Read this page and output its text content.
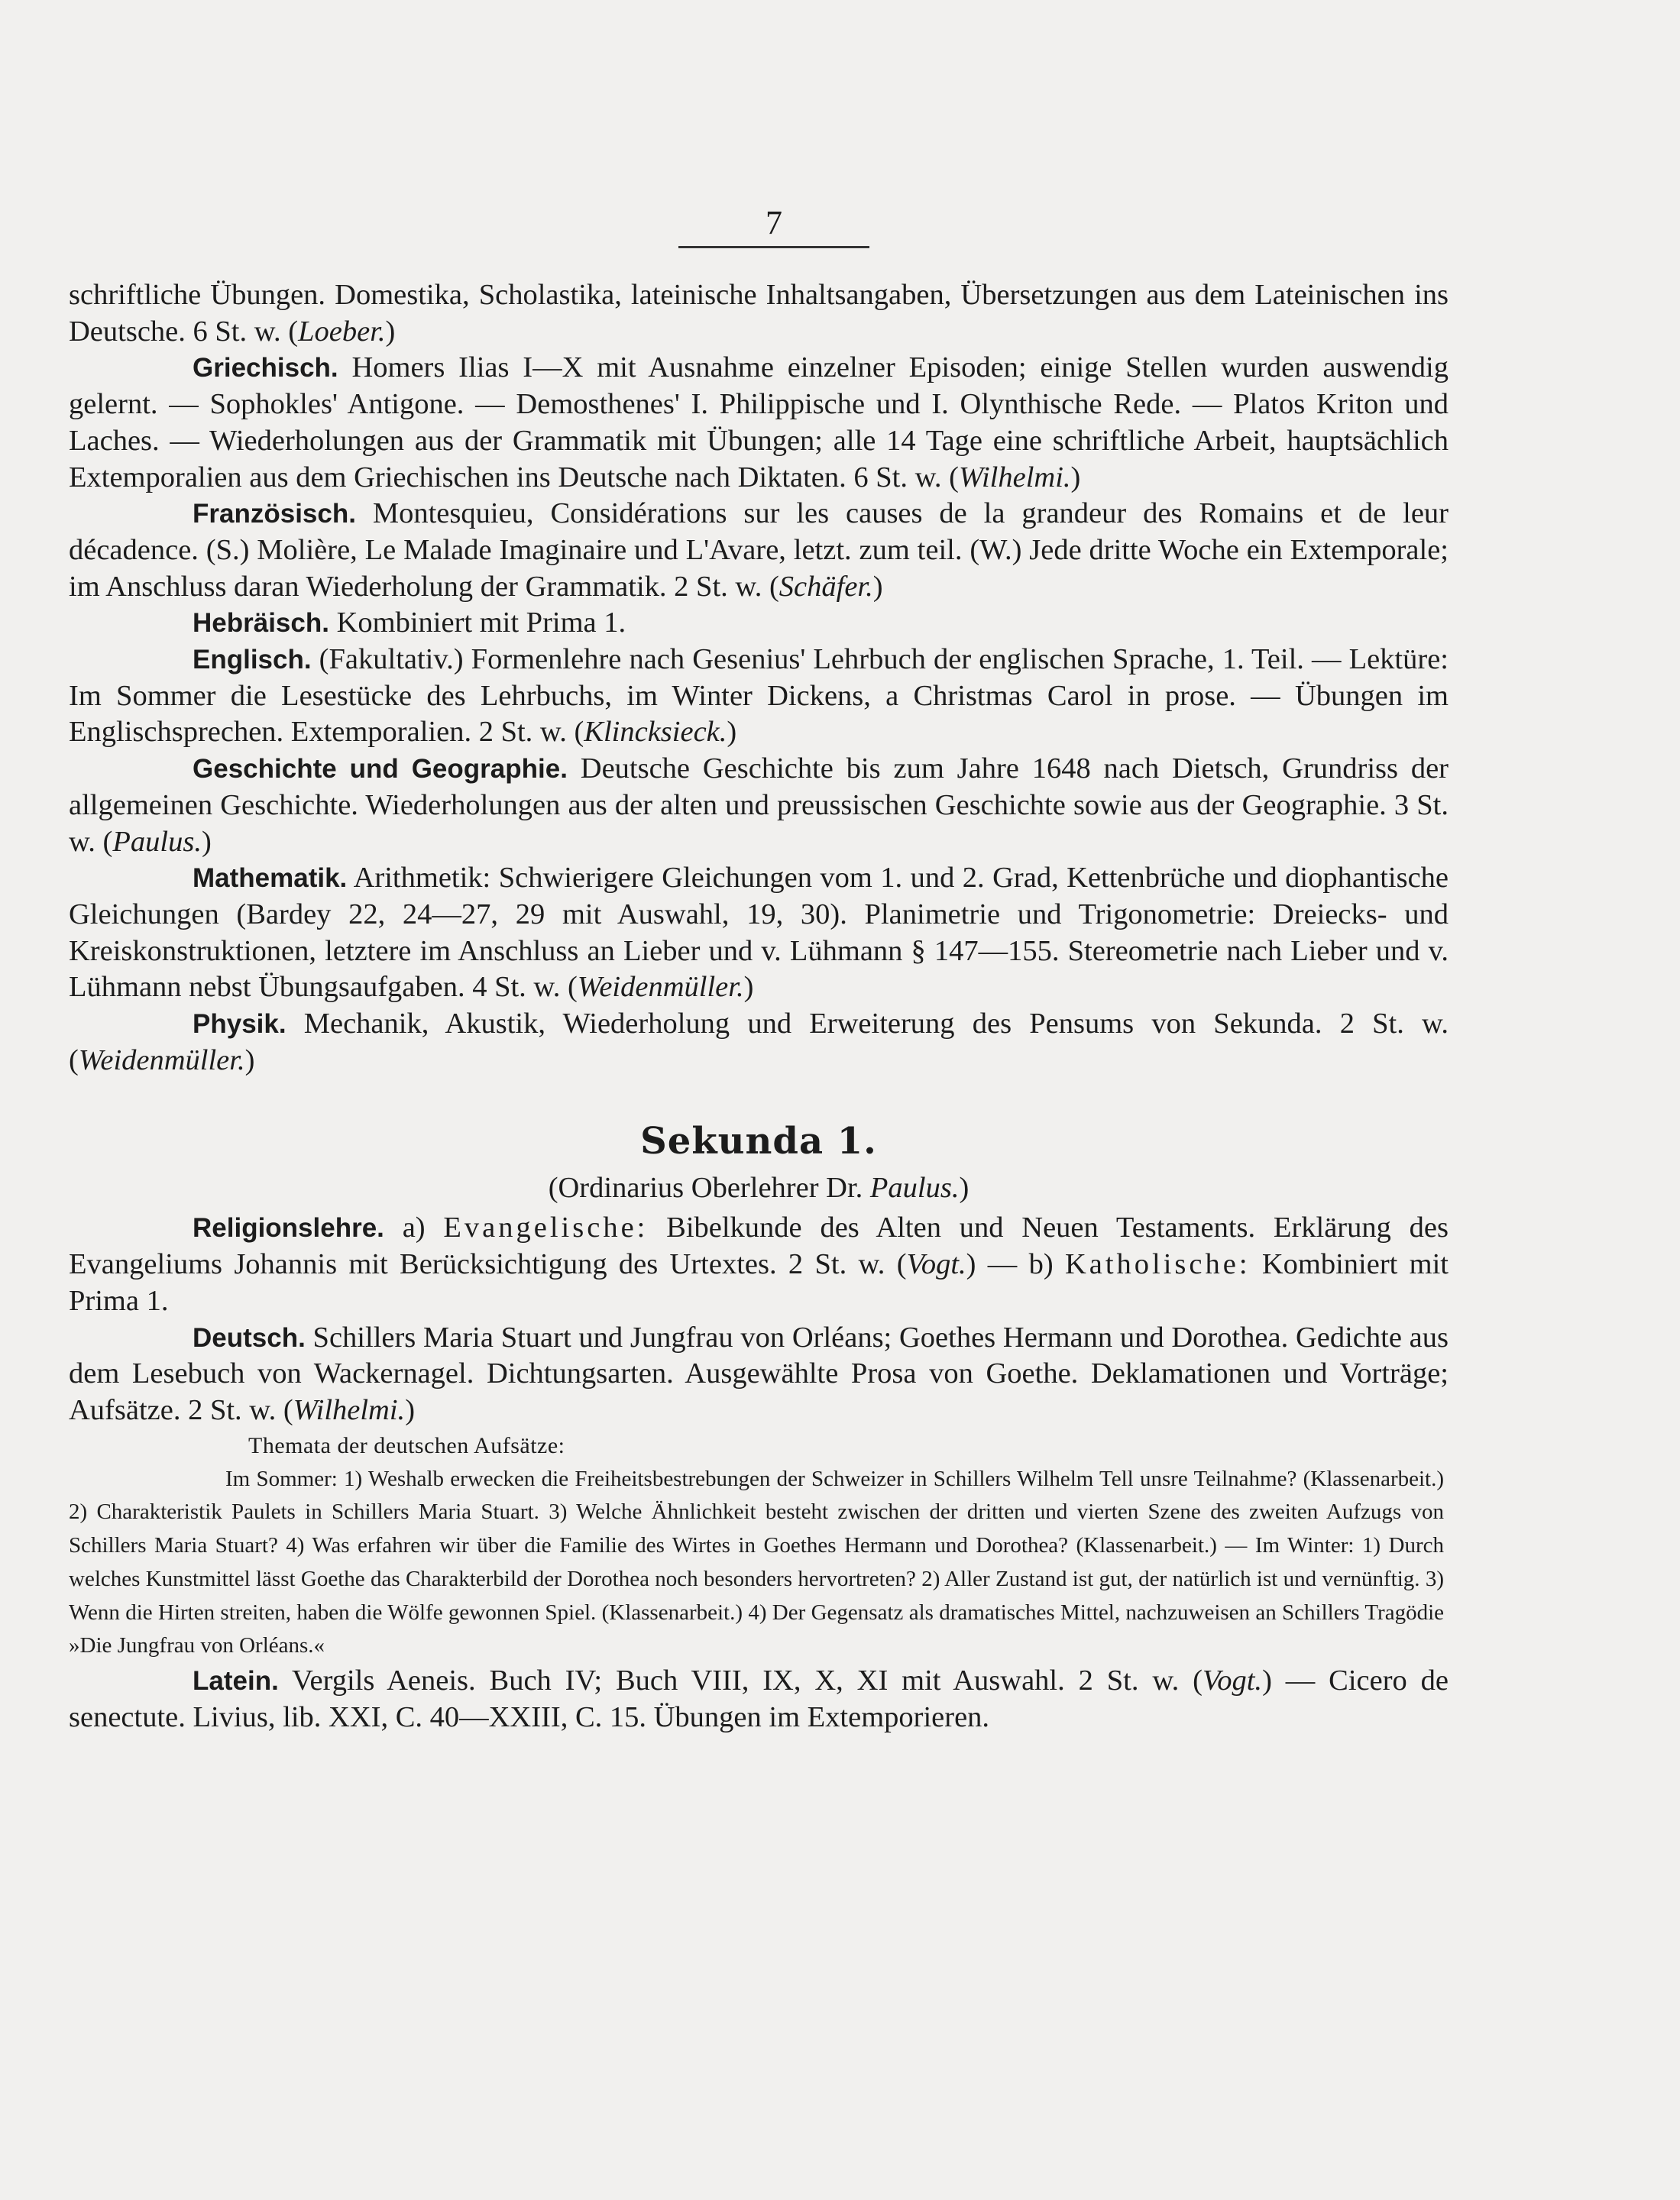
7

schriftliche Übungen. Domestika, Scholastika, lateinische Inhaltsangaben, Übersetzungen aus dem Lateinischen ins Deutsche. 6 St. w. (Loeber.)

Griechisch. Homers Ilias I—X mit Ausnahme einzelner Episoden; einige Stellen wurden auswendig gelernt. — Sophokles' Antigone. — Demosthenes' I. Philippische und I. Olynthische Rede. — Platos Kriton und Laches. — Wiederholungen aus der Grammatik mit Übungen; alle 14 Tage eine schriftliche Arbeit, hauptsächlich Extemporalien aus dem Griechischen ins Deutsche nach Diktaten. 6 St. w. (Wilhelmi.)

Französisch. Montesquieu, Considérations sur les causes de la grandeur des Romains et de leur décadence. (S.) Molière, Le Malade Imaginaire und L'Avare, letzt. zum teil. (W.) Jede dritte Woche ein Extemporale; im Anschluss daran Wiederholung der Grammatik. 2 St. w. (Schäfer.)

Hebräisch. Kombiniert mit Prima 1.

Englisch. (Fakultativ.) Formenlehre nach Gesenius' Lehrbuch der englischen Sprache, 1. Teil. — Lektüre: Im Sommer die Lesestücke des Lehrbuchs, im Winter Dickens, a Christmas Carol in prose. — Übungen im Englischsprechen. Extemporalien. 2 St. w. (Klincksieck.)

Geschichte und Geographie. Deutsche Geschichte bis zum Jahre 1648 nach Dietsch, Grundriss der allgemeinen Geschichte. Wiederholungen aus der alten und preussischen Geschichte sowie aus der Geographie. 3 St. w. (Paulus.)

Mathematik. Arithmetik: Schwierigere Gleichungen vom 1. und 2. Grad, Kettenbrüche und diophantische Gleichungen (Bardey 22, 24—27, 29 mit Auswahl, 19, 30). Planimetrie und Trigonometrie: Dreiecks- und Kreiskonstruktionen, letztere im Anschluss an Lieber und v. Lühmann § 147—155. Stereometrie nach Lieber und v. Lühmann nebst Übungsaufgaben. 4 St. w. (Weidenmüller.)

Physik. Mechanik, Akustik, Wiederholung und Erweiterung des Pensums von Sekunda. 2 St. w. (Weidenmüller.)

Sekunda 1.
(Ordinarius Oberlehrer Dr. Paulus.)

Religionslehre. a) Evangelische: Bibelkunde des Alten und Neuen Testaments. Erklärung des Evangeliums Johannis mit Berücksichtigung des Urtextes. 2 St. w. (Vogt.) — b) Katholische: Kombiniert mit Prima 1.

Deutsch. Schillers Maria Stuart und Jungfrau von Orléans; Goethes Hermann und Dorothea. Gedichte aus dem Lesebuch von Wackernagel. Dichtungsarten. Ausgewählte Prosa von Goethe. Deklamationen und Vorträge; Aufsätze. 2 St. w. (Wilhelmi.)

Themata der deutschen Aufsätze:

Im Sommer: 1) Weshalb erwecken die Freiheitsbestrebungen der Schweizer in Schillers Wilhelm Tell unsre Teilnahme? (Klassenarbeit.) 2) Charakteristik Paulets in Schillers Maria Stuart. 3) Welche Ähnlichkeit besteht zwischen der dritten und vierten Szene des zweiten Aufzugs von Schillers Maria Stuart? 4) Was erfahren wir über die Familie des Wirtes in Goethes Hermann und Dorothea? (Klassenarbeit.) — Im Winter: 1) Durch welches Kunstmittel lässt Goethe das Charakterbild der Dorothea noch besonders hervortreten? 2) Aller Zustand ist gut, der natürlich ist und vernünftig. 3) Wenn die Hirten streiten, haben die Wölfe gewonnen Spiel. (Klassenarbeit.) 4) Der Gegensatz als dramatisches Mittel, nachzuweisen an Schillers Tragödie »Die Jungfrau von Orléans.«

Latein. Vergils Aeneis. Buch IV; Buch VIII, IX, X, XI mit Auswahl. 2 St. w. (Vogt.) — Cicero de senectute. Livius, lib. XXI, C. 40—XXIII, C. 15. Übungen im Extemporieren.
